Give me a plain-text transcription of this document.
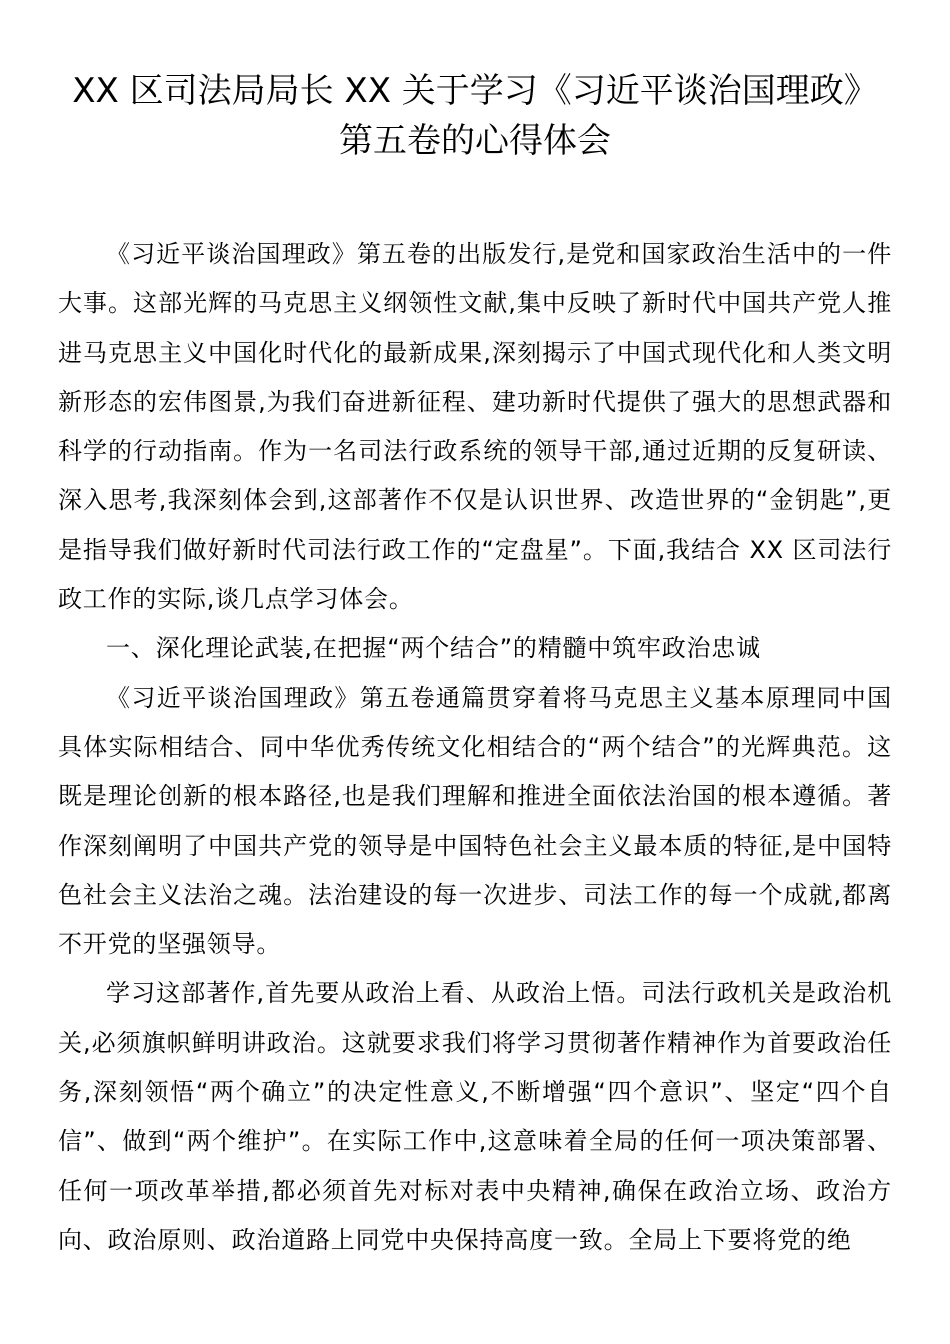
XX 区司法局局长 XX 关于学习《习近平谈治国理政》
第五卷的心得体会

《习近平谈治国理政》第五卷的出版发行,是党和国家政治生活中的一件大事。这部光辉的马克思主义纲领性文献,集中反映了新时代中国共产党人推进马克思主义中国化时代化的最新成果,深刻揭示了中国式现代化和人类文明新形态的宏伟图景,为我们奋进新征程、建功新时代提供了强大的思想武器和科学的行动指南。作为一名司法行政系统的领导干部,通过近期的反复研读、深入思考,我深刻体会到,这部著作不仅是认识世界、改造世界的“金钥匙”,更是指导我们做好新时代司法行政工作的“定盘星”。下面,我结合 XX 区司法行政工作的实际,谈几点学习体会。

一、深化理论武装,在把握“两个结合”的精髓中筑牢政治忠诚

《习近平谈治国理政》第五卷通篇贯穿着将马克思主义基本原理同中国具体实际相结合、同中华优秀传统文化相结合的“两个结合”的光辉典范。这既是理论创新的根本路径,也是我们理解和推进全面依法治国的根本遵循。著作深刻阐明了中国共产党的领导是中国特色社会主义最本质的特征,是中国特色社会主义法治之魂。法治建设的每一次进步、司法工作的每一个成就,都离不开党的坚强领导。

学习这部著作,首先要从政治上看、从政治上悟。司法行政机关是政治机关,必须旗帜鲜明讲政治。这就要求我们将学习贯彻著作精神作为首要政治任务,深刻领悟“两个确立”的决定性意义,不断增强“四个意识”、坚定“四个自信”、做到“两个维护”。在实际工作中,这意味着全局的任何一项决策部署、任何一项改革举措,都必须首先对标对表中央精神,确保在政治立场、政治方向、政治原则、政治道路上同党中央保持高度一致。全局上下要将党的绝
